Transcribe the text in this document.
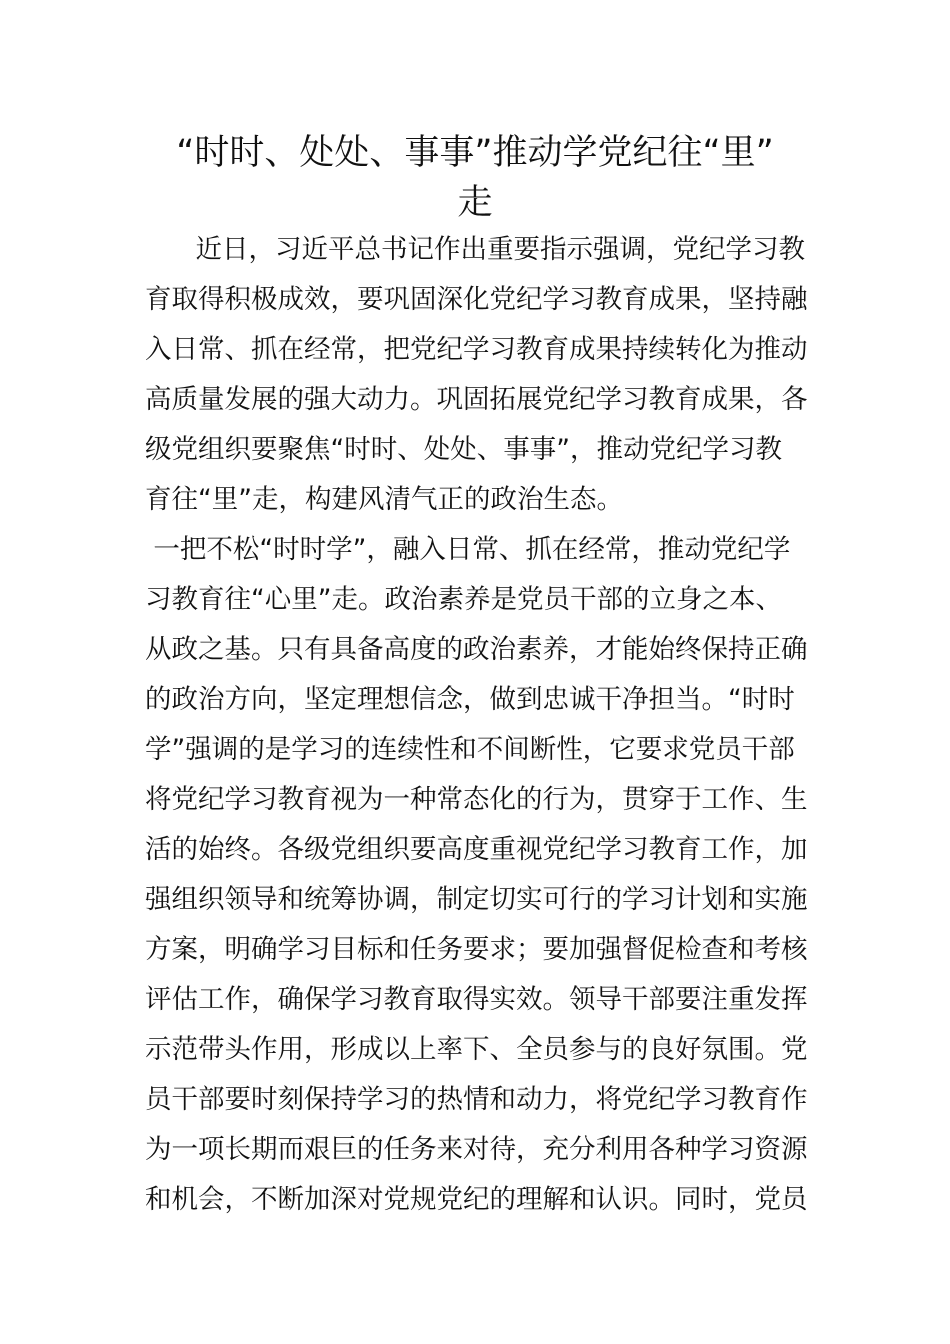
“时时、处处、事事”推动学党纪往“里”
走

近日，习近平总书记作出重要指示强调，党纪学习教

育取得积极成效，要巩固深化党纪学习教育成果，坚持融

入日常、抓在经常，把党纪学习教育成果持续转化为推动

高质量发展的强大动力。巩固拓展党纪学习教育成果，各

级党组织要聚焦“时时、处处、事事”，推动党纪学习教

育往“里”走，构建风清气正的政治生态。

一把不松“时时学”，融入日常、抓在经常，推动党纪学

习教育往“心里”走。政治素养是党员干部的立身之本、

从政之基。只有具备高度的政治素养，才能始终保持正确

的政治方向，坚定理想信念，做到忠诚干净担当。“时时

学”强调的是学习的连续性和不间断性，它要求党员干部

将党纪学习教育视为一种常态化的行为，贯穿于工作、生

活的始终。各级党组织要高度重视党纪学习教育工作，加

强组织领导和统筹协调，制定切实可行的学习计划和实施

方案，明确学习目标和任务要求；要加强督促检查和考核

评估工作，确保学习教育取得实效。领导干部要注重发挥

示范带头作用，形成以上率下、全员参与的良好氛围。党

员干部要时刻保持学习的热情和动力，将党纪学习教育作

为一项长期而艰巨的任务来对待，充分利用各种学习资源

和机会，不断加深对党规党纪的理解和认识。同时，党员
